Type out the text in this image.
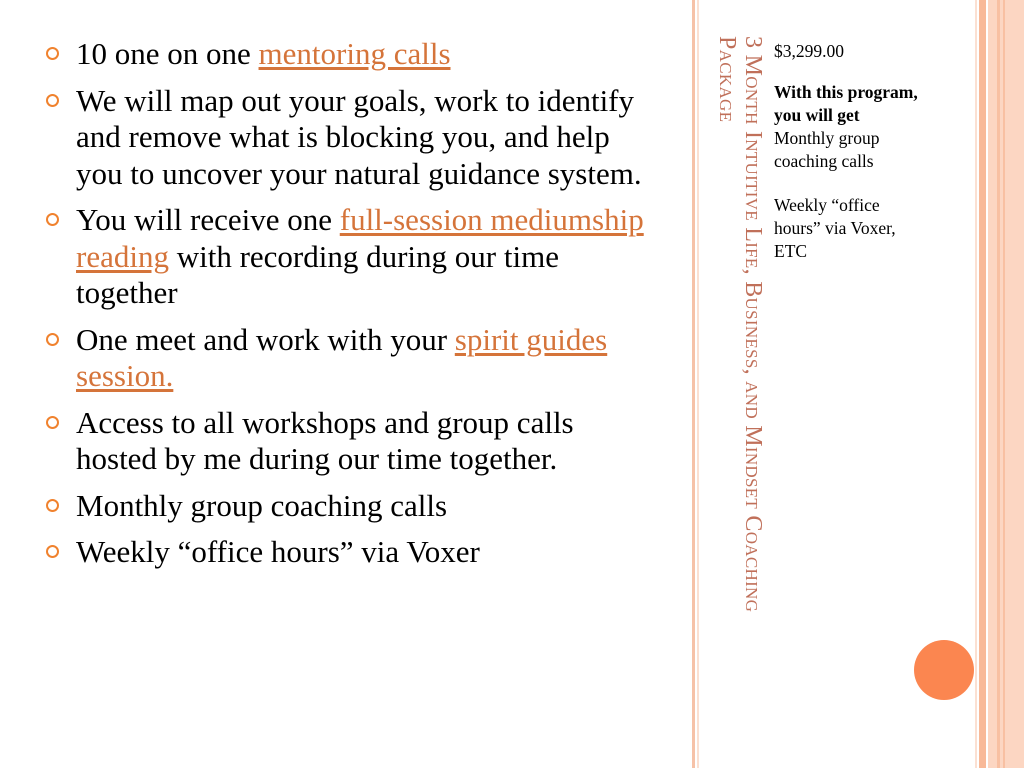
10 one on one mentoring calls
We will map out your goals, work to identify and remove what is blocking you, and help you to uncover your natural guidance system.
You will receive one full-session mediumship reading with recording during our time together
One meet and work with your spirit guides session.
Access to all workshops and group calls hosted by me during our time together.
Monthly group coaching calls
Weekly “office hours” via Voxer	3 Month Intuitive Life, Business, and Mindset Coaching Package	$3,299.00
With this program, you will get
Monthly group coaching calls
Weekly “office hours” via Voxer, ETC
